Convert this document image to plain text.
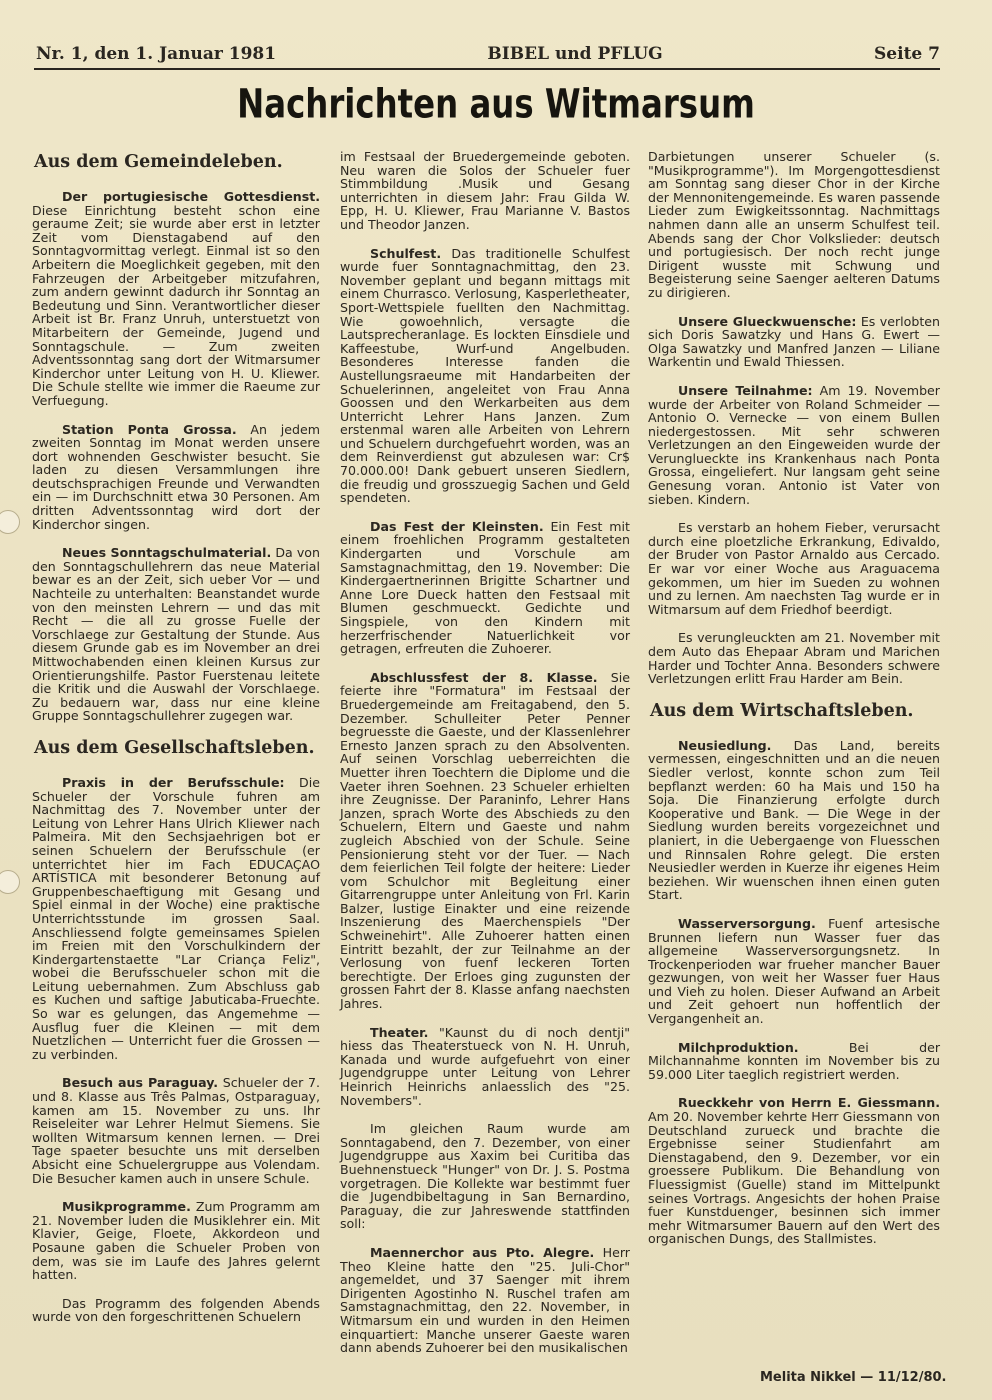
Nr. 1, den 1. Januar 1981	BIBEL und PFLUG	Seite 7
Nachrichten aus Witmarsum
Aus dem Gemeindeleben.

Der portugiesische Gottesdienst. Diese Einrichtung besteht schon eine geraume Zeit; sie wurde aber erst in letzter Zeit vom Dienstagabend auf den Sonntagvormittag verlegt. Einmal ist so den Arbeitern die Moeglichkeit gegeben, mit den Fahrzeugen der Arbeitgeber mitzufahren, zum andern gewinnt dadurch ihr Sonntag an Bedeutung und Sinn. Verantwortlicher dieser Arbeit ist Br. Franz Unruh, unterstuetzt von Mitarbeitern der Gemeinde, Jugend und Sonntagschule. — Zum zweiten Adventssonntag sang dort der Witmarsumer Kinderchor unter Leitung von H. U. Kliewer. Die Schule stellte wie immer die Raeume zur Verfuegung.

Station Ponta Grossa. An jedem zweiten Sonntag im Monat werden unsere dort wohnenden Geschwister besucht. Sie laden zu diesen Versammlungen ihre deutschsprachigen Freunde und Verwandten ein — im Durchschnitt etwa 30 Personen. Am dritten Adventssonntag wird dort der Kinderchor singen.

Neues Sonntagschulmaterial. Da von den Sonntagschullehrern das neue Material bewar es an der Zeit, sich ueber Vor — und Nachteile zu unterhalten: Beanstandet wurde von den meinsten Lehrern — und das mit Recht — die all zu grosse Fuelle der Vorschlaege zur Gestaltung der Stunde. Aus diesem Grunde gab es im November an drei Mittwochabenden einen kleinen Kursus zur Orientierungshilfe. Pastor Fuerstenau leitete die Kritik und die Auswahl der Vorschlaege. Zu bedauern war, dass nur eine kleine Gruppe Sonntagschullehrer zugegen war.

Aus dem Gesellschaftsleben.

Praxis in der Berufsschule: Die Schueler der Vorschule fuhren am Nachmittag des 7. November unter der Leitung von Lehrer Hans Ulrich Kliewer nach Palmeira. Mit den Sechsjaehrigen bot er seinen Schuelern der Berufsschule (er unterrichtet hier im Fach EDUCAÇAO ARTÍSTICA mit besonderer Betonung auf Gruppenbeschaeftigung mit Gesang und Spiel einmal in der Woche) eine praktische Unterrichtsstunde im grossen Saal. Anschliessend folgte gemeinsames Spielen im Freien mit den Vorschulkindern der Kindergartenstaette "Lar Criança Feliz", wobei die Berufsschueler schon mit die Leitung uebernahmen. Zum Abschluss gab es Kuchen und saftige Jabuticaba-Fruechte. So war es gelungen, das Angemehme — Ausflug fuer die Kleinen — mit dem Nuetzlichen — Unterricht fuer die Grossen — zu verbinden.

Besuch aus Paraguay. Schueler der 7. und 8. Klasse aus Três Palmas, Ostparaguay, kamen am 15. November zu uns. Ihr Reiseleiter war Lehrer Helmut Siemens. Sie wollten Witmarsum kennen lernen. — Drei Tage spaeter besuchte uns mit derselben Absicht eine Schuelergruppe aus Volendam. Die Besucher kamen auch in unsere Schule.

Musikprogramme. Zum Programm am 21. November luden die Musiklehrer ein. Mit Klavier, Geige, Floete, Akkordeon und Posaune gaben die Schueler Proben von dem, was sie im Laufe des Jahres gelernt hatten.

Das Programm des folgenden Abends wurde von den forgeschrittenen Schuelern

im Festsaal der Bruedergemeinde geboten. Neu waren die Solos der Schueler fuer Stimmbildung .Musik und Gesang unterrichten in diesem Jahr: Frau Gilda W. Epp, H. U. Kliewer, Frau Marianne V. Bastos und Theodor Janzen.

Schulfest. Das traditionelle Schulfest wurde fuer Sonntagnachmittag, den 23. November geplant und begann mittags mit einem Churrasco. Verlosung, Kasperletheater, Sport-Wettspiele fuellten den Nachmittag. Wie gowoehnlich, versagte die Lautsprecheranlage. Es lockten Einsdiele und Kaffeestube, Wurf-und Angelbuden. Besonderes Interesse fanden die Austellungsraeume mit Handarbeiten der Schuelerinnen, angeleitet von Frau Anna Goossen und den Werkarbeiten aus dem Unterricht Lehrer Hans Janzen. Zum erstenmal waren alle Arbeiten von Lehrern und Schuelern durchgefuehrt worden, was an dem Reinverdienst gut abzulesen war: Cr$ 70.000.00! Dank gebuert unseren Siedlern, die freudig und grosszuegig Sachen und Geld spendeten.

Das Fest der Kleinsten. Ein Fest mit einem froehlichen Programm gestalteten Kindergarten und Vorschule am Samstagnachmittag, den 19. November: Die Kindergaertnerinnen Brigitte Schartner und Anne Lore Dueck hatten den Festsaal mit Blumen geschmueckt. Gedichte und Singspiele, von den Kindern mit herzerfrischender Natuerlichkeit vor getragen, erfreuten die Zuhoerer.

Abschlussfest der 8. Klasse. Sie feierte ihre "Formatura" im Festsaal der Bruedergemeinde am Freitagabend, den 5. Dezember. Schulleiter Peter Penner begruesste die Gaeste, und der Klassenlehrer Ernesto Janzen sprach zu den Absolventen. Auf seinen Vorschlag ueberreichten die Muetter ihren Toechtern die Diplome und die Vaeter ihren Soehnen. 23 Schueler erhielten ihre Zeugnisse. Der Paraninfo, Lehrer Hans Janzen, sprach Worte des Abschieds zu den Schuelern, Eltern und Gaeste und nahm zugleich Abschied von der Schule. Seine Pensionierung steht vor der Tuer. — Nach dem feierlichen Teil folgte der heitere: Lieder vom Schulchor mit Begleitung einer Gitarrengruppe unter Anleitung von Frl. Karin Balzer, lustige Einakter und eine reizende Inszenierung des Maerchenspiels "Der Schweinehirt". Alle Zuhoerer hatten einen Eintritt bezahlt, der zur Teilnahme an der Verlosung von fuenf leckeren Torten berechtigte. Der Erloes ging zugunsten der grossen Fahrt der 8. Klasse anfang naechsten Jahres.

Theater. "Kaunst du di noch dentji" hiess das Theaterstueck von N. H. Unruh, Kanada und wurde aufgefuehrt von einer Jugendgruppe unter Leitung von Lehrer Heinrich Heinrichs anlaesslich des "25. Novembers".

Im gleichen Raum wurde am Sonntagabend, den 7. Dezember, von einer Jugendgruppe aus Xaxim bei Curitiba das Buehnenstueck "Hunger" von Dr. J. S. Postma vorgetragen. Die Kollekte war bestimmt fuer die Jugendbibeltagung in San Bernardino, Paraguay, die zur Jahreswende stattfinden soll:

Maennerchor aus Pto. Alegre. Herr Theo Kleine hatte den "25. Juli-Chor" angemeldet, und 37 Saenger mit ihrem Dirigenten Agostinho N. Ruschel trafen am Samstagnachmittag, den 22. November, in Witmarsum ein und wurden in den Heimen einquartiert: Manche unserer Gaeste waren dann abends Zuhoerer bei den musikalischen

Darbietungen unserer Schueler (s. "Musikprogramme"). Im Morgengottesdienst am Sonntag sang dieser Chor in der Kirche der Mennonitengemeinde. Es waren passende Lieder zum Ewigkeitssonntag. Nachmittags nahmen dann alle an unserm Schulfest teil. Abends sang der Chor Volkslieder: deutsch und portugiesisch. Der noch recht junge Dirigent wusste mit Schwung und Begeisterung seine Saenger aelteren Datums zu dirigieren.

Unsere Glueckwuensche: Es verlobten sich Doris Sawatzky und Hans G. Ewert — Olga Sawatzky und Manfred Janzen — Liliane Warkentin und Ewald Thiessen.

Unsere Teilnahme: Am 19. November wurde der Arbeiter von Roland Schmeider — Antonio O. Vernecke — von einem Bullen niedergestossen. Mit sehr schweren Verletzungen an den Eingeweiden wurde der Verunglueckte ins Krankenhaus nach Ponta Grossa, eingeliefert. Nur langsam geht seine Genesung voran. Antonio ist Vater von sieben. Kindern.

Es verstarb an hohem Fieber, verursacht durch eine ploetzliche Erkrankung, Edivaldo, der Bruder von Pastor Arnaldo aus Cercado. Er war vor einer Woche aus Araguacema gekommen, um hier im Sueden zu wohnen und zu lernen. Am naechsten Tag wurde er in Witmarsum auf dem Friedhof beerdigt.

Es verungleuckten am 21. November mit dem Auto das Ehepaar Abram und Marichen Harder und Tochter Anna. Besonders schwere Verletzungen erlitt Frau Harder am Bein.

Aus dem Wirtschaftsleben.

Neusiedlung. Das Land, bereits vermessen, eingeschnitten und an die neuen Siedler verlost, konnte schon zum Teil bepflanzt werden: 60 ha Mais und 150 ha Soja. Die Finanzierung erfolgte durch Kooperative und Bank. — Die Wege in der Siedlung wurden bereits vorgezeichnet und planiert, in die Uebergaenge von Fluesschen und Rinnsalen Rohre gelegt. Die ersten Neusiedler werden in Kuerze ihr eigenes Heim beziehen. Wir wuenschen ihnen einen guten Start.

Wasserversorgung. Fuenf artesische Brunnen liefern nun Wasser fuer das allgemeine Wasserversorgungsnetz. In Trockenperioden war frueher mancher Bauer gezwungen, von weit her Wasser fuer Haus und Vieh zu holen. Dieser Aufwand an Arbeit und Zeit gehoert nun hoffentlich der Vergangenheit an.

Milchproduktion.	Bei der Milchannahme konnten im November bis zu 59.000 Liter taeglich registriert werden.

Rueckkehr von Herrn E. Giessmann. Am 20. November kehrte Herr Giessmann von Deutschland zurueck und brachte die Ergebnisse seiner Studienfahrt am Dienstagabend, den 9. Dezember, vor ein groessere Publikum. Die Behandlung von Fluessigmist (Guelle) stand im Mittelpunkt seines Vortrags. Angesichts der hohen Praise fuer Kunstduenger, besinnen sich immer mehr Witmarsumer Bauern auf den Wert des organischen Dungs, des Stallmistes.

Melita Nikkel — 11/12/80.
